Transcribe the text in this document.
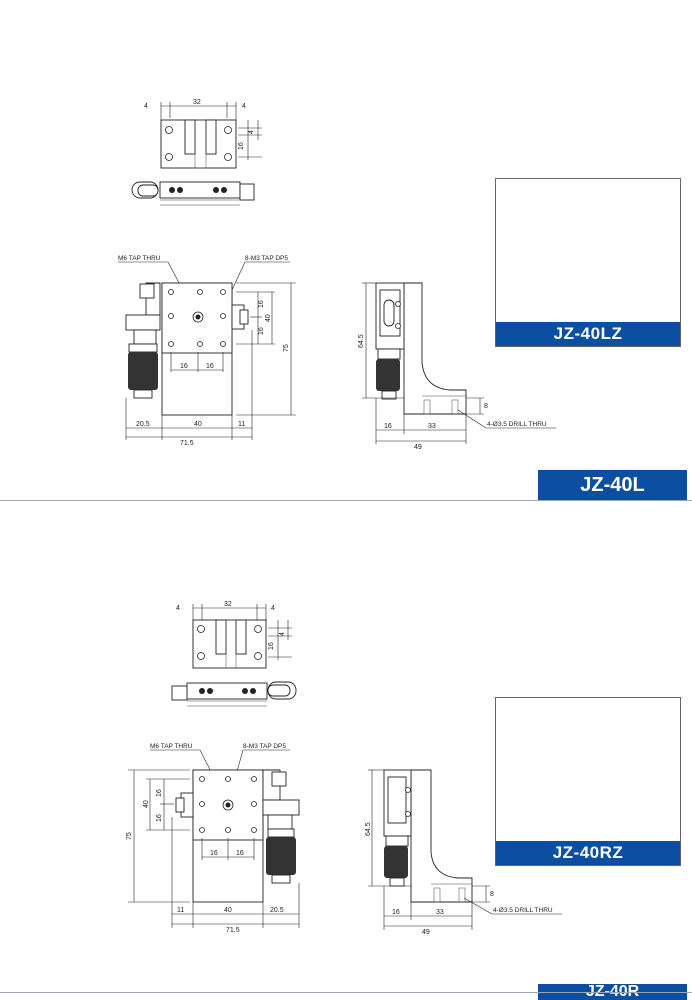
4
32
4
4
16
M6 TAP THRU	8-M3 TAP DP5
75
40
16
16
16	16
20.5	40	11
71.5
64.5
8
16	33
49
4-Ø3.5 DRILL THRU
4
32
4
4
16
M6 TAP THRU	8-M3 TAP DP5
75
40
16
16
16	16
11	40	20.5
71.5
64.5
8
16	33
49
4-Ø3.5 DRILL THRU
JZ-40LZ
JZ-40RZ
JZ-40L
JZ-40R
